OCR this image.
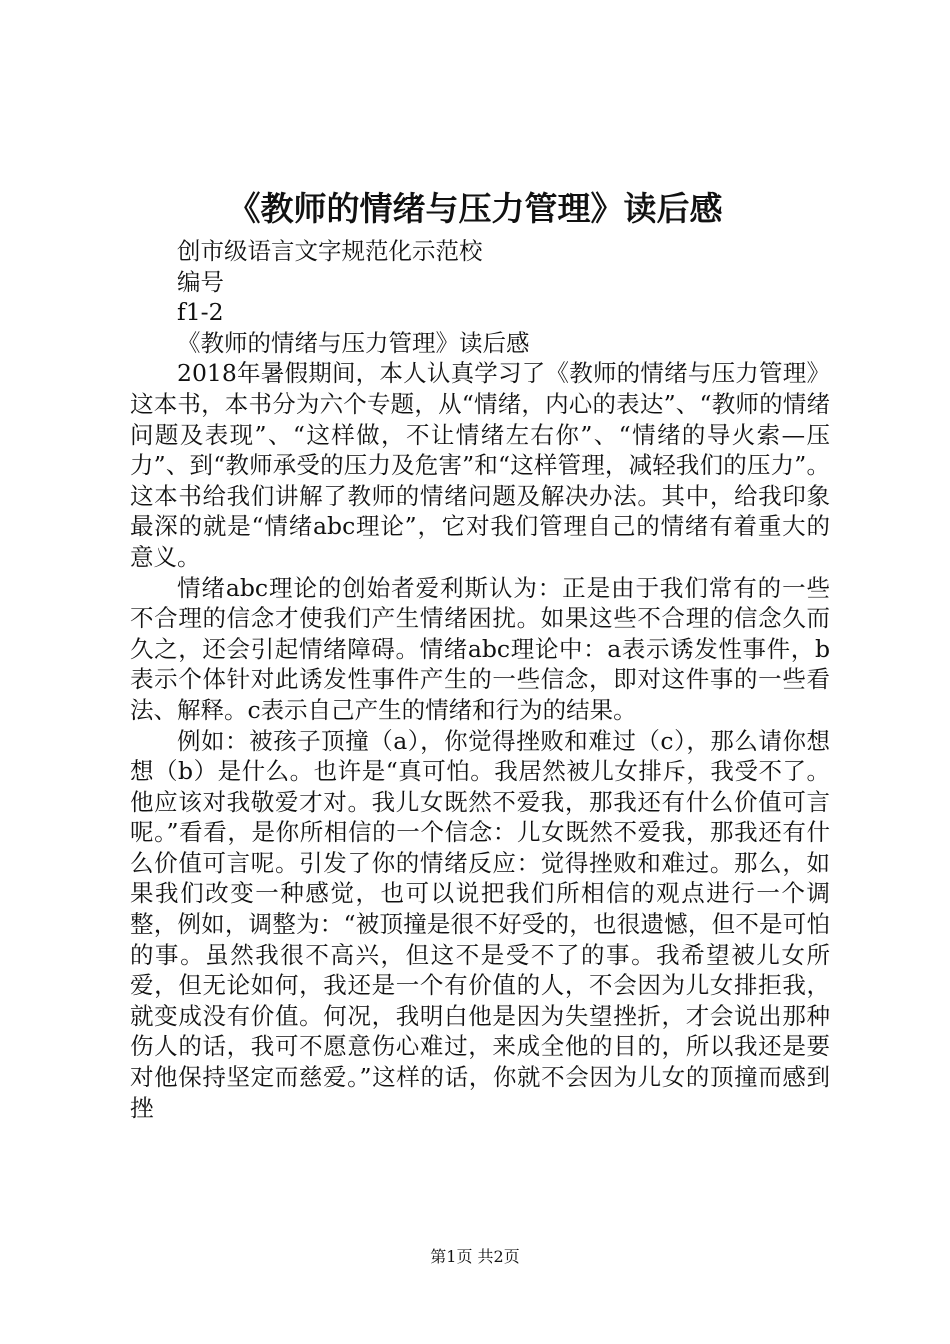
《教师的情绪与压力管理》读后感

创市级语言文字规范化示范校

编号

f1-2

《教师的情绪与压力管理》读后感

2018年暑假期间，本人认真学习了《教师的情绪与压力管理》这本书，本书分为六个专题，从“情绪，内心的表达”、“教师的情绪问题及表现”、“这样做，不让情绪左右你”、“情绪的导火索—压力”、到“教师承受的压力及危害”和“这样管理，减轻我们的压力”。这本书给我们讲解了教师的情绪问题及解决办法。其中，给我印象最深的就是“情绪abc理论”，它对我们管理自己的情绪有着重大的意义。

情绪abc理论的创始者爱利斯认为：正是由于我们常有的一些不合理的信念才使我们产生情绪困扰。如果这些不合理的信念久而久之，还会引起情绪障碍。情绪abc理论中：a表示诱发性事件，b表示个体针对此诱发性事件产生的一些信念，即对这件事的一些看法、解释。c表示自己产生的情绪和行为的结果。

例如：被孩子顶撞（a），你觉得挫败和难过（c），那么请你想想（b）是什么。也许是“真可怕。我居然被儿女排斥，我受不了。他应该对我敬爱才对。我儿女既然不爱我，那我还有什么价值可言呢。”看看，是你所相信的一个信念：儿女既然不爱我，那我还有什么价值可言呢。引发了你的情绪反应：觉得挫败和难过。那么，如果我们改变一种感觉，也可以说把我们所相信的观点进行一个调整，例如，调整为：“被顶撞是很不好受的，也很遗憾，但不是可怕的事。虽然我很不高兴，但这不是受不了的事。我希望被儿女所爱，但无论如何，我还是一个有价值的人，不会因为儿女排拒我，就变成没有价值。何况，我明白他是因为失望挫折，才会说出那种伤人的话，我可不愿意伤心难过，来成全他的目的，所以我还是要对他保持坚定而慈爱。”这样的话，你就不会因为儿女的顶撞而感到挫

第1页 共2页
